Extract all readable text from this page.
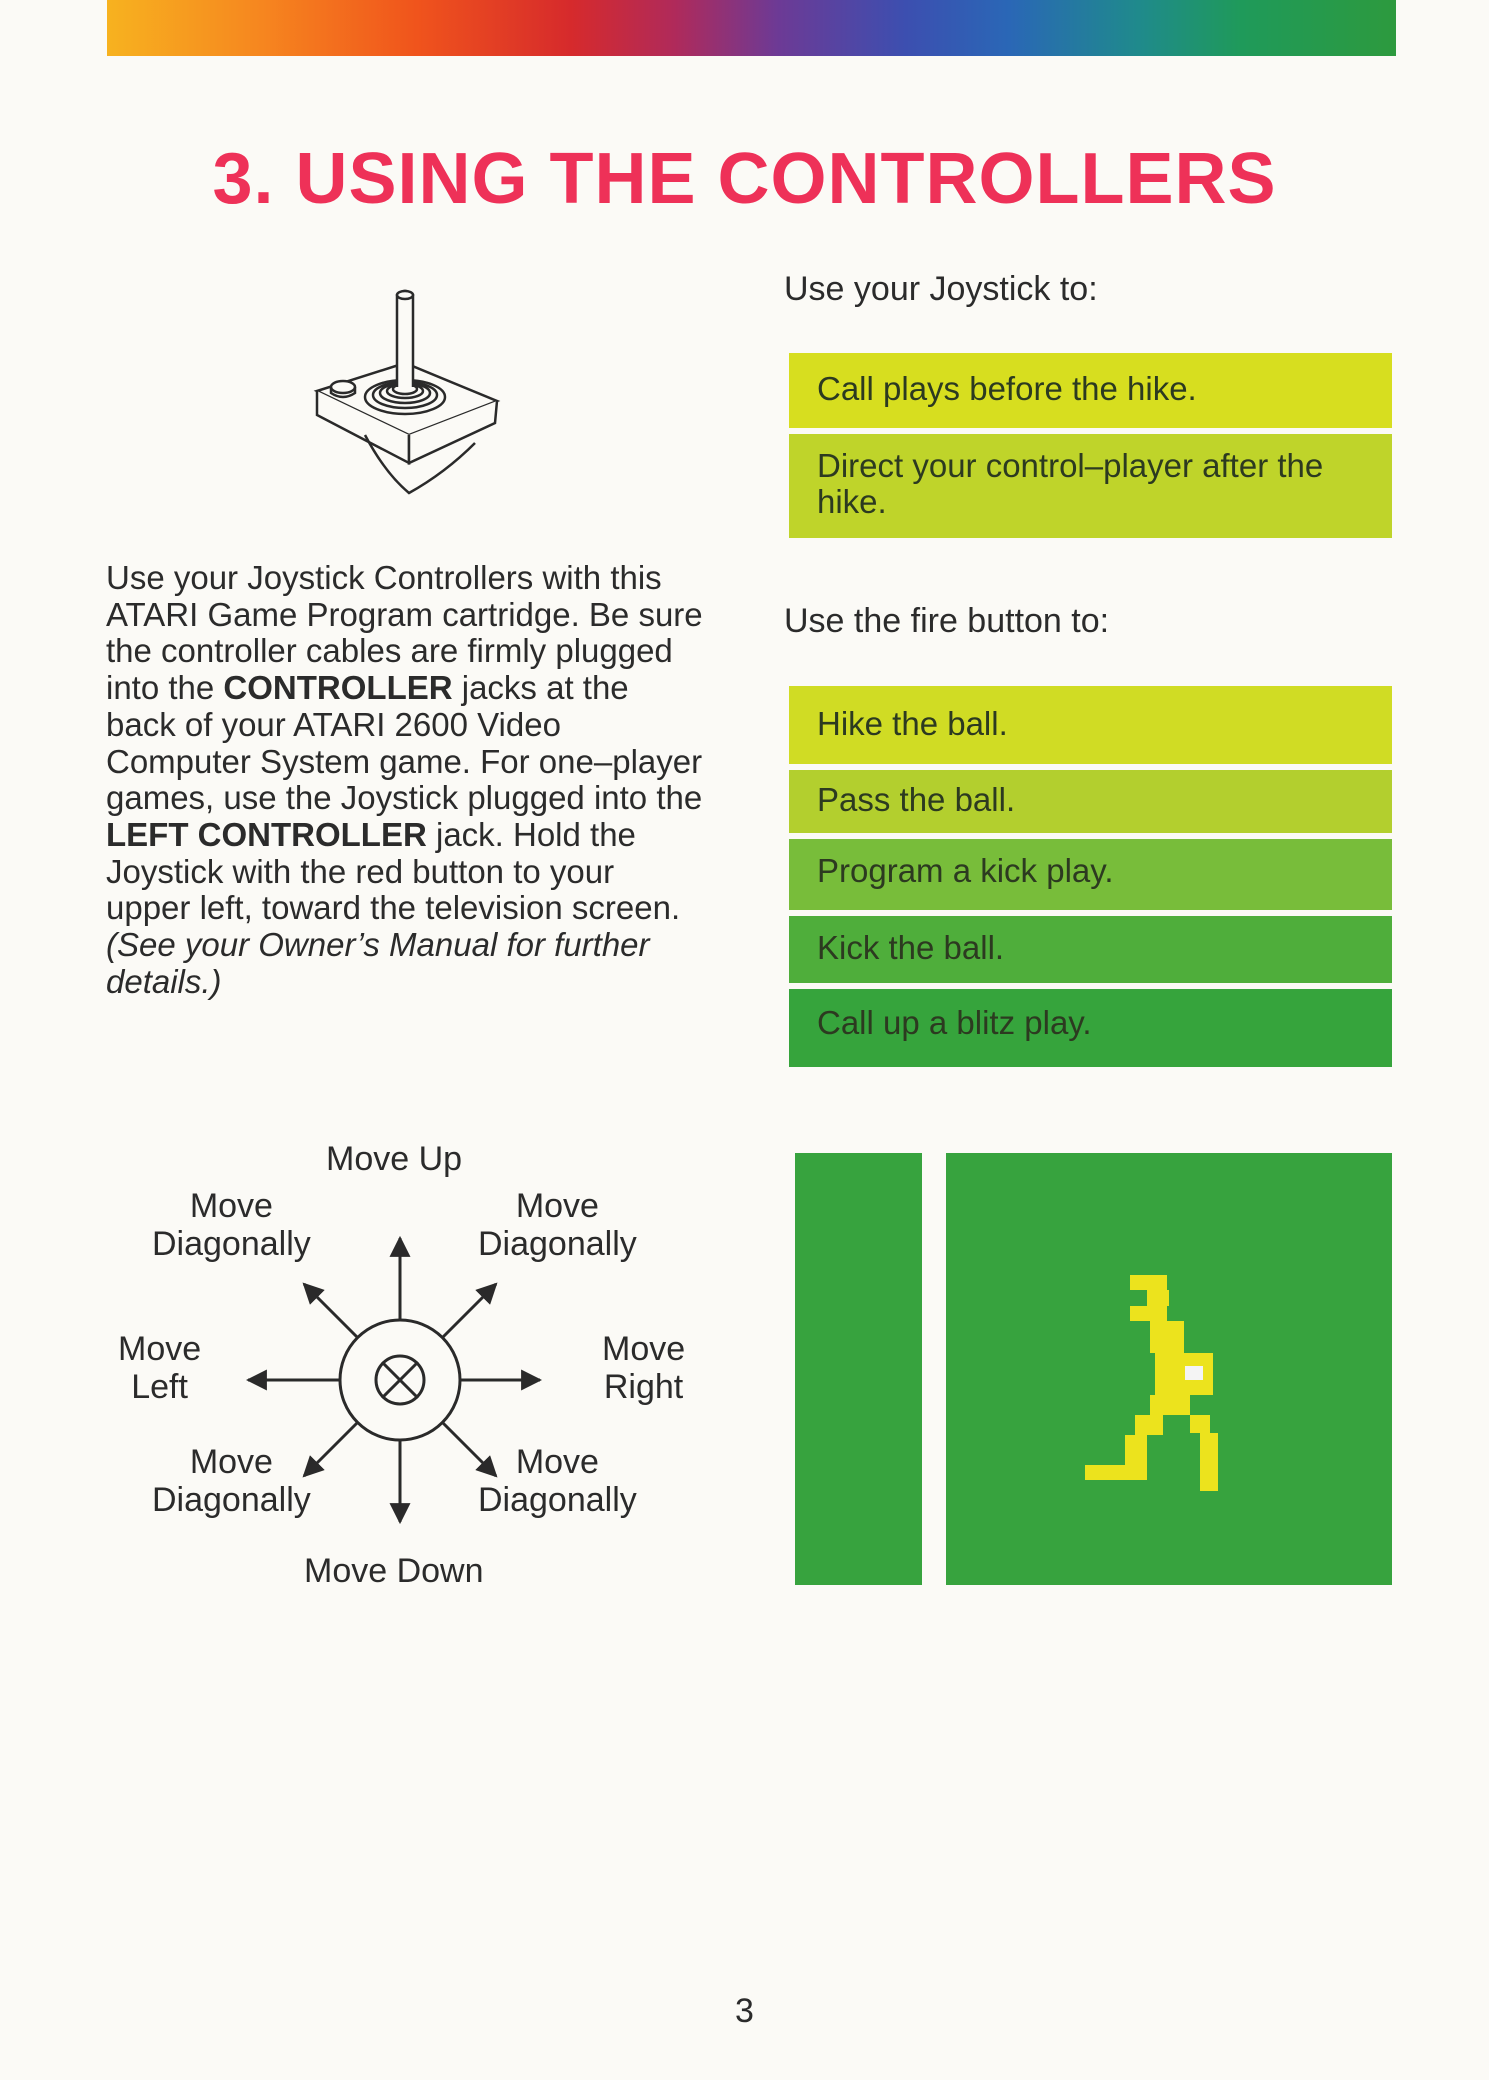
3. USING THE CONTROLLERS

Use your Joystick Controllers with this ATARI Game Program cartridge. Be sure the controller cables are firmly plugged into the CONTROLLER jacks at the back of your ATARI 2600 Video Computer System game. For one–player games, use the Joystick plugged into the LEFT CONTROLLER jack. Hold the Joystick with the red button to your upper left, toward the television screen. (See your Owner’s Manual for further details.)

Move Up
Move
Diagonally
Move
Diagonally
Move
Left
Move
Right
Move
Diagonally
Move
Diagonally
Move Down
Use your Joystick to:
Call plays before the hike.
Direct your control–player after the hike.
Use the fire button to:
Hike the ball.
Pass the ball.
Program a kick play.
Kick the ball.
Call up a blitz play.
3
